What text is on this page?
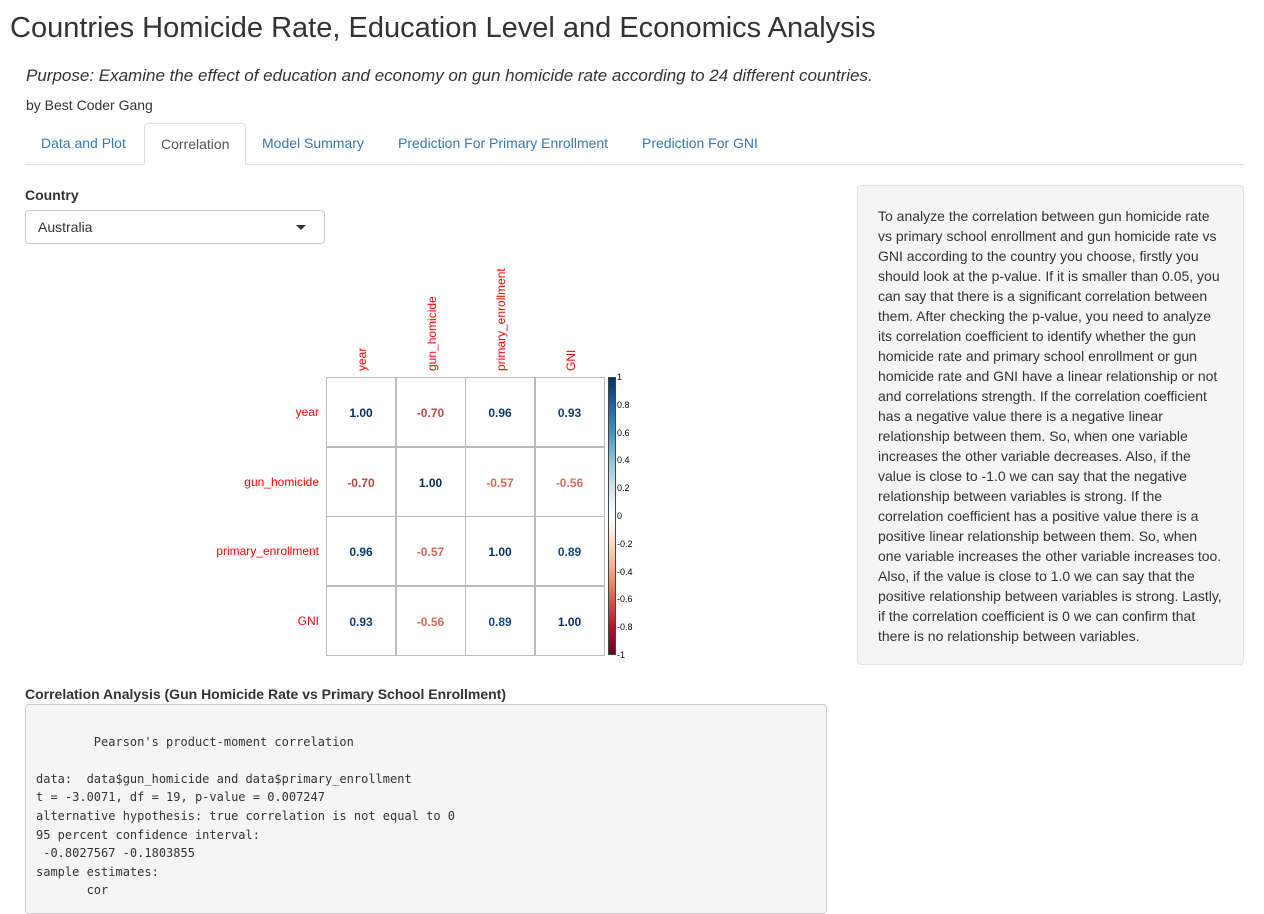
Countries Homicide Rate, Education Level and Economics Analysis
Purpose: Examine the effect of education and economy on gun homicide rate according to 24 different countries.
by Best Coder Gang
Data and Plot	Correlation	Model Summary	Prediction For Primary Enrollment	Prediction For GNI
Country
Australia
year
year
gun_homicide
gun_homicide
primary_enrollment
primary_enrollment
GNI
GNI
1.00	-0.70	0.96	0.93
-0.70	1.00	-0.57	-0.56
0.96	-0.57	1.00	0.89
0.93	-0.56	0.89	1.00
1
0.8
0.6
0.4
0.2
0
-0.2
-0.4
-0.6
-0.8
-1
To analyze the correlation between gun homicide rate vs primary school enrollment and gun homicide rate vs GNI according to the country you choose, firstly you should look at the p-value. If it is smaller than 0.05, you can say that there is a significant correlation between them. After checking the p-value, you need to analyze its correlation coefficient to identify whether the gun homicide rate and primary school enrollment or gun homicide rate and GNI have a linear relationship or not and correlations strength. If the correlation coefficient has a negative value there is a negative linear relationship between them. So, when one variable increases the other variable decreases. Also, if the value is close to -1.0 we can say that the negative relationship between variables is strong. If the correlation coefficient has a positive value there is a positive linear relationship between them. So, when one variable increases the other variable increases too. Also, if the value is close to 1.0 we can say that the positive relationship between variables is strong. Lastly, if the correlation coefficient is 0 we can confirm that there is no relationship between variables.
Correlation Analysis (Gun Homicide Rate vs Primary School Enrollment)

Pearson's product-moment correlation

data:  data$gun_homicide and data$primary_enrollment
t = -3.0071, df = 19, p-value = 0.007247
alternative hypothesis: true correlation is not equal to 0
95 percent confidence interval:
-0.8027567 -0.1803855
sample estimates:
cor
